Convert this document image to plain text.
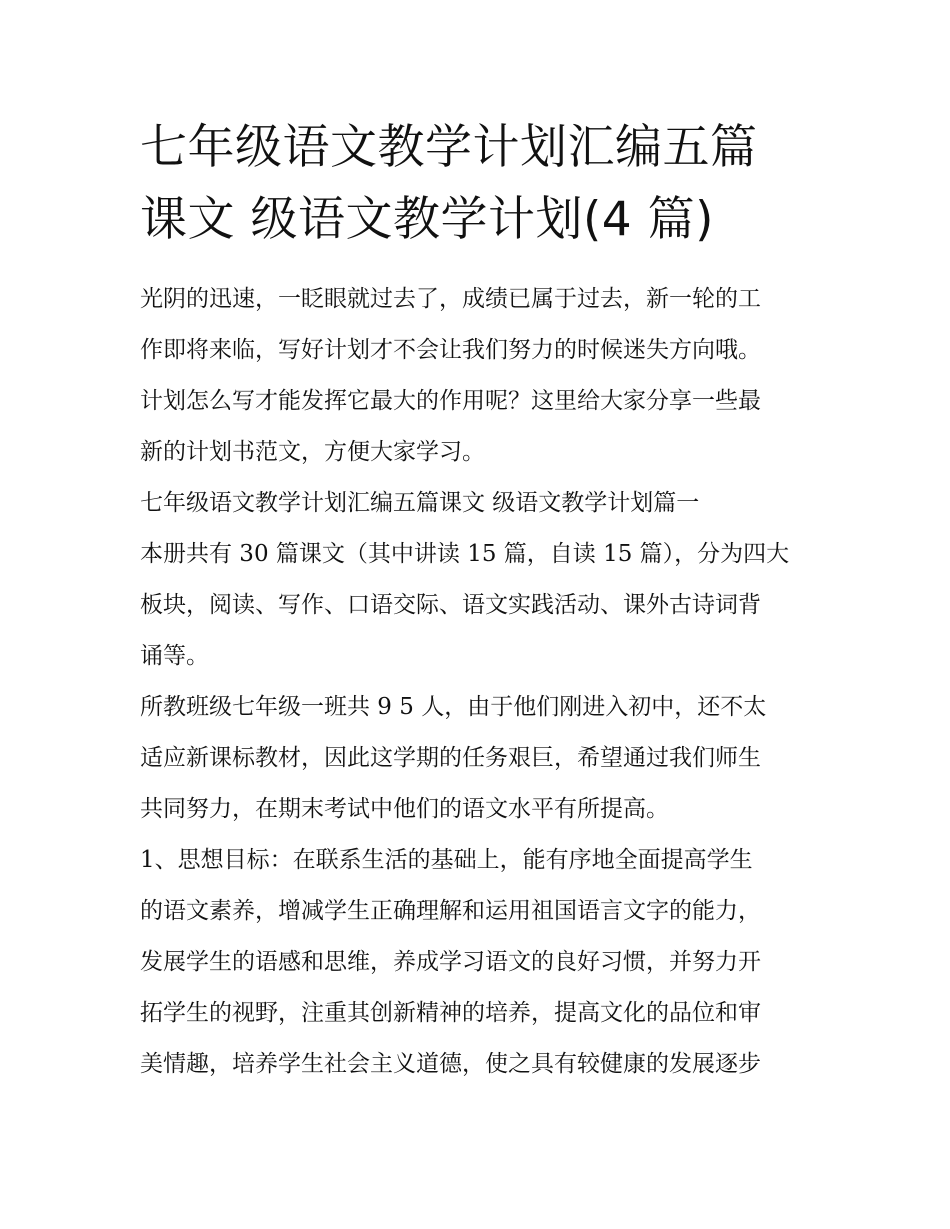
七年级语文教学计划汇编五篇
课文 级语文教学计划(4 篇)
光阴的迅速，一眨眼就过去了，成绩已属于过去，新一轮的工
作即将来临，写好计划才不会让我们努力的时候迷失方向哦。
计划怎么写才能发挥它最大的作用呢？这里给大家分享一些最
新的计划书范文，方便大家学习。
七年级语文教学计划汇编五篇课文 级语文教学计划篇一
本册共有 30 篇课文（其中讲读 15 篇，自读 15 篇），分为四大
板块，阅读、写作、口语交际、语文实践活动、课外古诗词背
诵等。
所教班级七年级一班共 9 5 人，由于他们刚进入初中，还不太
适应新课标教材，因此这学期的任务艰巨，希望通过我们师生
共同努力，在期末考试中他们的语文水平有所提高。
1、思想目标：在联系生活的基础上，能有序地全面提高学生
的语文素养，增减学生正确理解和运用祖国语言文字的能力，
发展学生的语感和思维，养成学习语文的良好习惯，并努力开
拓学生的视野，注重其创新精神的培养，提高文化的品位和审
美情趣，培养学生社会主义道德，使之具有较健康的发展逐步
